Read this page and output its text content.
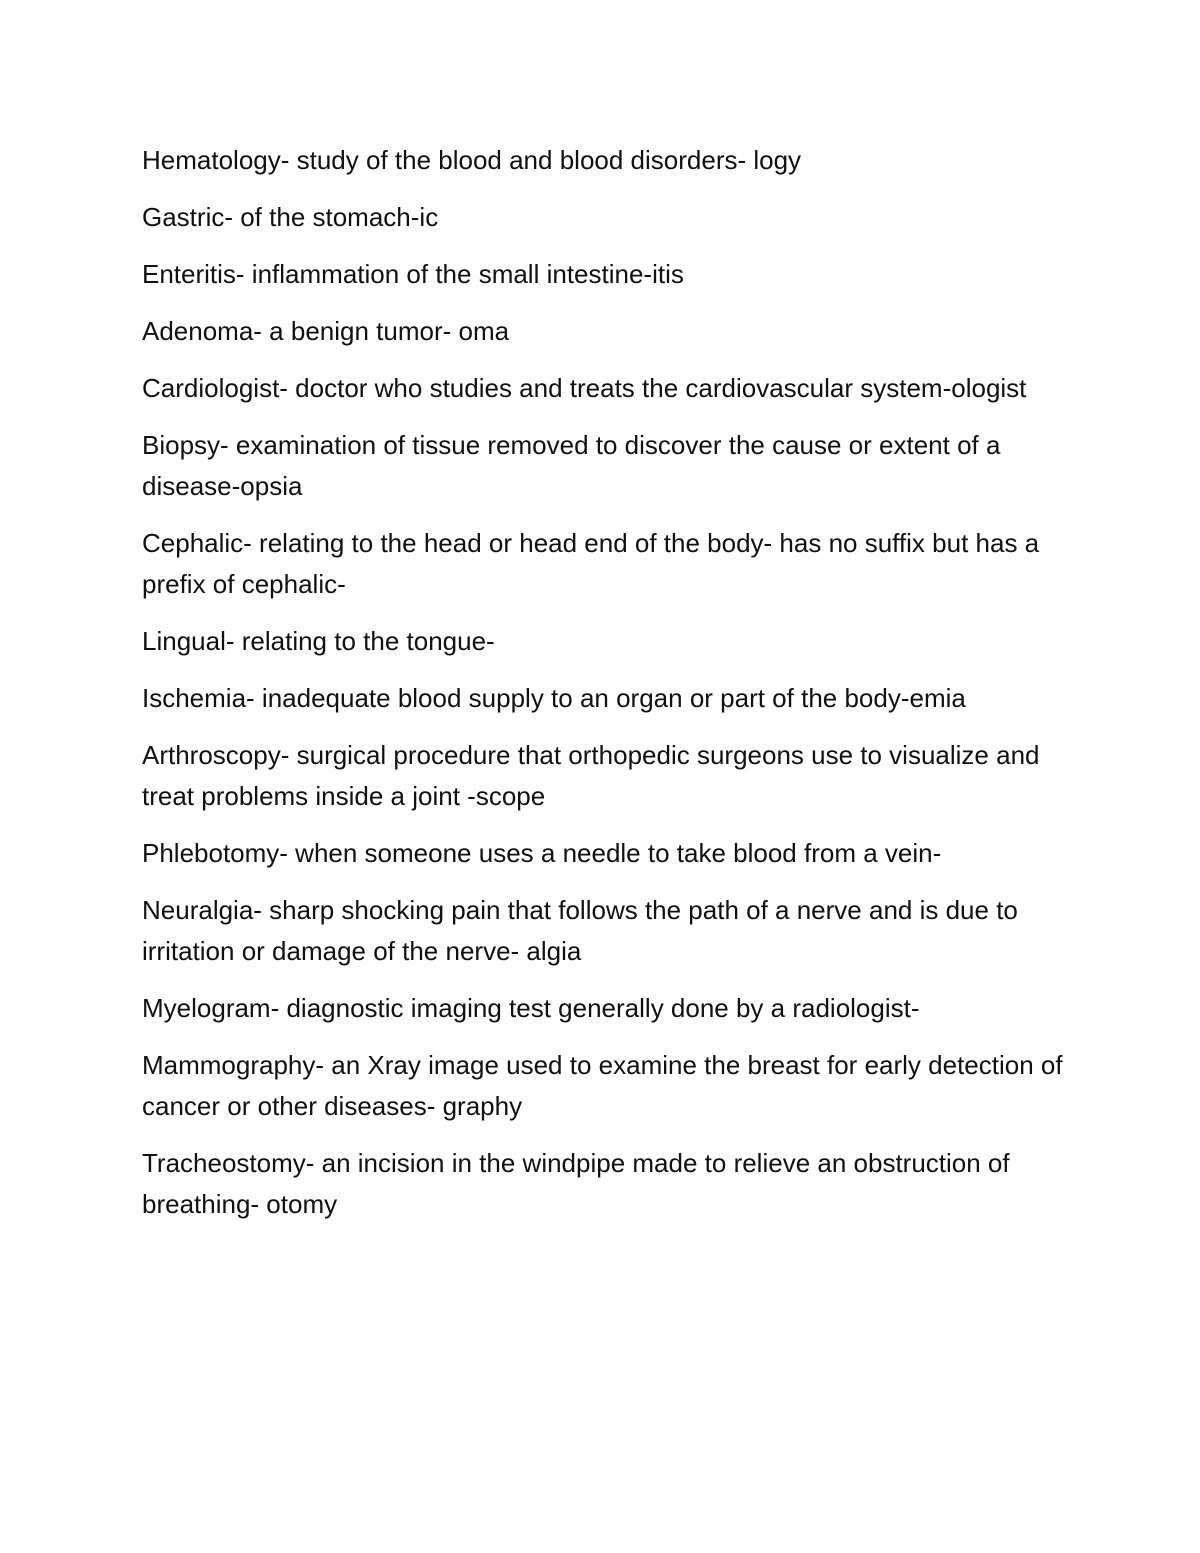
Hematology- study of the blood and blood disorders- logy

Gastric- of the stomach-ic

Enteritis- inflammation of the small intestine-itis

Adenoma- a benign tumor- oma

Cardiologist- doctor who studies and treats the cardiovascular system-ologist

Biopsy- examination of tissue removed to discover the cause or extent of a disease-opsia

Cephalic- relating to the head or head end of the body- has no suffix but has a prefix of cephalic-

Lingual- relating to the tongue-

Ischemia- inadequate blood supply to an organ or part of the body-emia

Arthroscopy- surgical procedure that orthopedic surgeons use to visualize and treat problems inside a joint -scope

Phlebotomy- when someone uses a needle to take blood from a vein-

Neuralgia- sharp shocking pain that follows the path of a nerve and is due to irritation or damage of the nerve- algia

Myelogram- diagnostic imaging test generally done by a radiologist-

Mammography- an Xray image used to examine the breast for early detection of cancer or other diseases- graphy

Tracheostomy- an incision in the windpipe made to relieve an obstruction of breathing- otomy
